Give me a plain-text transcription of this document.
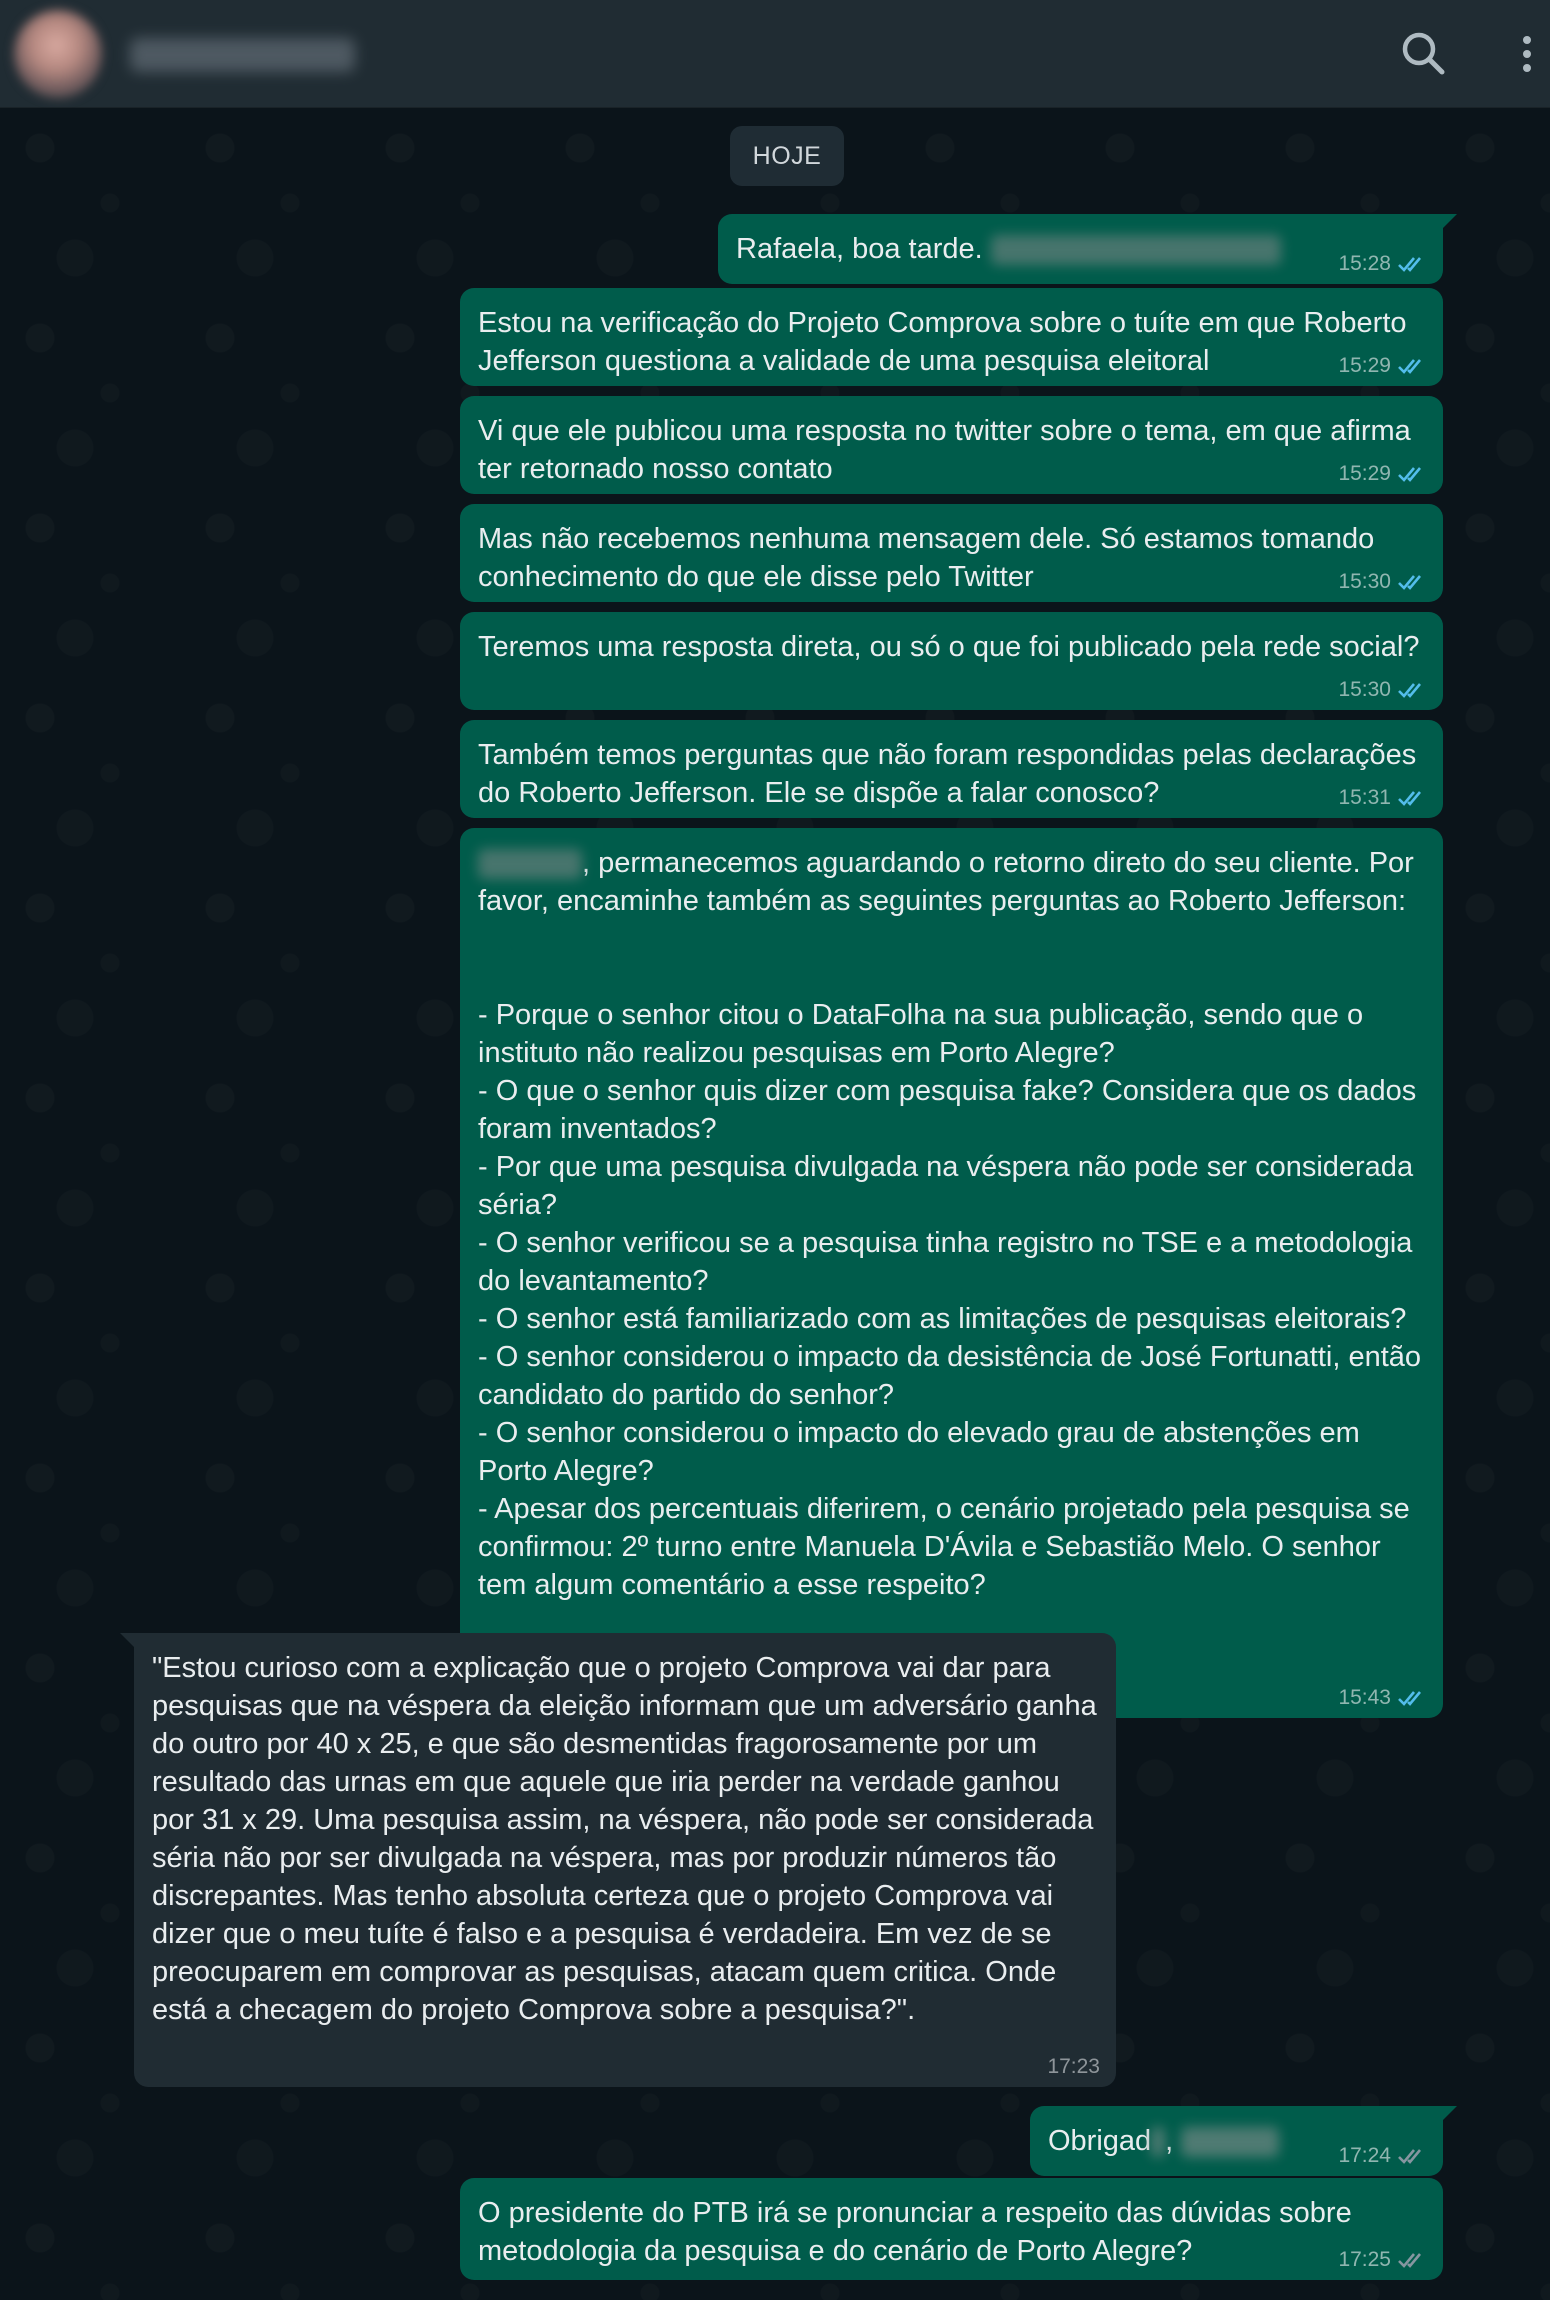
HOJE
Rafaela, boa tarde.	15:28
Estou na verificação do Projeto Comprova sobre o tuíte em que Roberto Jefferson questiona a validade de uma pesquisa eleitoral	15:29
Vi que ele publicou uma resposta no twitter sobre o tema, em que afirma ter retornado nosso contato	15:29
Mas não recebemos nenhuma mensagem dele. Só estamos tomando conhecimento do que ele disse pelo Twitter	15:30
Teremos uma resposta direta, ou só o que foi publicado pela rede social?
15:30
Também temos perguntas que não foram respondidas pelas declarações do Roberto Jefferson. Ele se dispõe a falar conosco?	15:31
, permanecemos aguardando o retorno direto do seu cliente. Por favor, encaminhe também as seguintes perguntas ao Roberto Jefferson:
- Porque o senhor citou o DataFolha na sua publicação, sendo que o instituto não realizou pesquisas em Porto Alegre?
- O que o senhor quis dizer com pesquisa fake? Considera que os dados foram inventados?
- Por que uma pesquisa divulgada na véspera não pode ser considerada séria?
- O senhor verificou se a pesquisa tinha registro no TSE e a metodologia do levantamento?
- O senhor está familiarizado com as limitações de pesquisas eleitorais?
- O senhor considerou o impacto da desistência de José Fortunatti, então candidato do partido do senhor?
- O senhor considerou o impacto do elevado grau de abstenções em Porto Alegre?
- Apesar dos percentuais diferirem, o cenário projetado pela pesquisa se confirmou: 2º turno entre Manuela D'Ávila e Sebastião Melo. O senhor tem algum comentário a esse respeito?
15:43
"Estou curioso com a explicação que o projeto Comprova vai dar para pesquisas que na véspera da eleição informam que um adversário ganha do outro por 40 x 25, e que são desmentidas fragorosamente por um resultado das urnas em que aquele que iria perder na verdade ganhou por 31 x 29. Uma pesquisa assim, na véspera, não pode ser considerada séria não por ser divulgada na véspera, mas por produzir números tão discrepantes. Mas tenho absoluta certeza que o projeto Comprova vai dizer que o meu tuíte é falso e a pesquisa é verdadeira. Em vez de se preocuparem em comprovar as pesquisas, atacam quem critica. Onde está a checagem do projeto Comprova sobre a pesquisa?".
17:23
Obrigad ,	17:24
O presidente do PTB irá se pronunciar a respeito das dúvidas sobre metodologia da pesquisa e do cenário de Porto Alegre?	17:25
